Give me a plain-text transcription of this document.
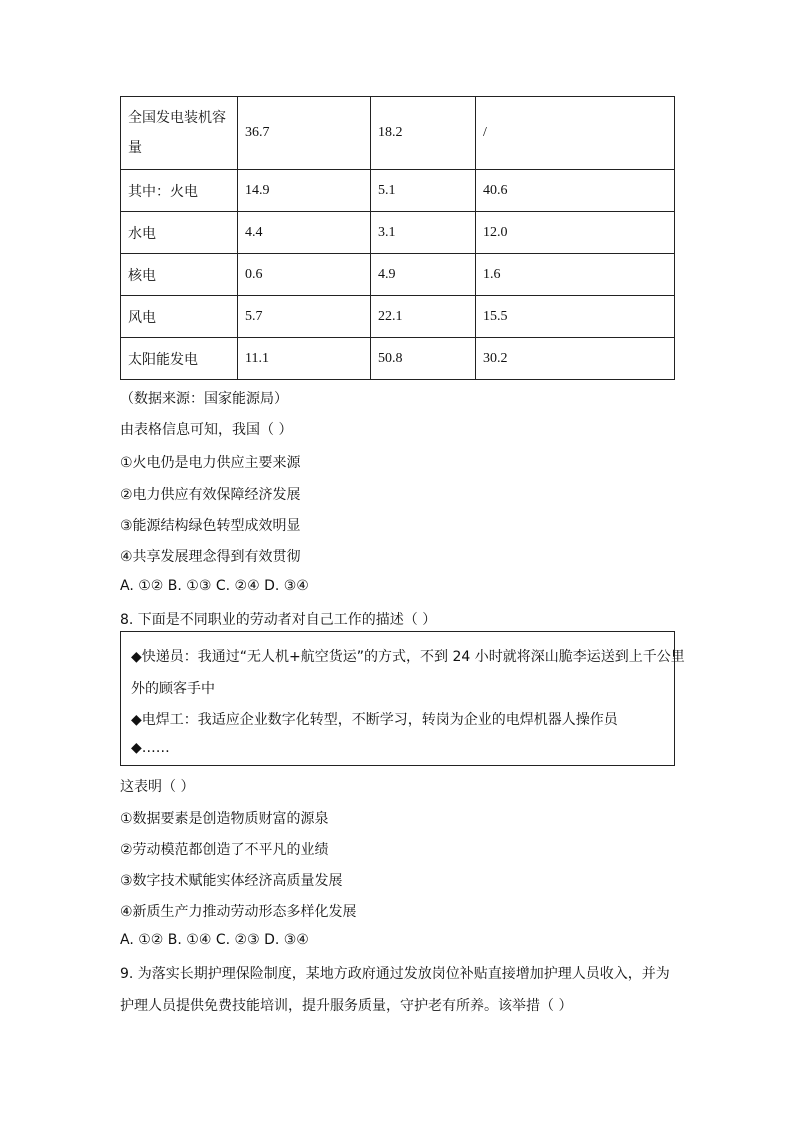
全国发电装机容
量	36.7	18.2	/
其中：火电	14.9	5.1	40.6
水电	4.4	3.1	12.0
核电	0.6	4.9	1.6
风电	5.7	22.1	15.5
太阳能发电	11.1	50.8	30.2
（数据来源：国家能源局）
由表格信息可知，我国（ ）
①火电仍是电力供应主要来源
②电力供应有效保障经济发展
③能源结构绿色转型成效明显
④共享发展理念得到有效贯彻
A. ①② B. ①③ C. ②④ D. ③④
8. 下面是不同职业的劳动者对自己工作的描述（ ）
◆快递员：我通过“无人机+航空货运”的方式，不到 24 小时就将深山脆李运送到上千公里
外的顾客手中
◆电焊工：我适应企业数字化转型，不断学习，转岗为企业的电焊机器人操作员
◆……
这表明（ ）
①数据要素是创造物质财富的源泉
②劳动模范都创造了不平凡的业绩
③数字技术赋能实体经济高质量发展
④新质生产力推动劳动形态多样化发展
A. ①② B. ①④ C. ②③ D. ③④
9. 为落实长期护理保险制度，某地方政府通过发放岗位补贴直接增加护理人员收入，并为
护理人员提供免费技能培训，提升服务质量，守护老有所养。该举措（ ）
